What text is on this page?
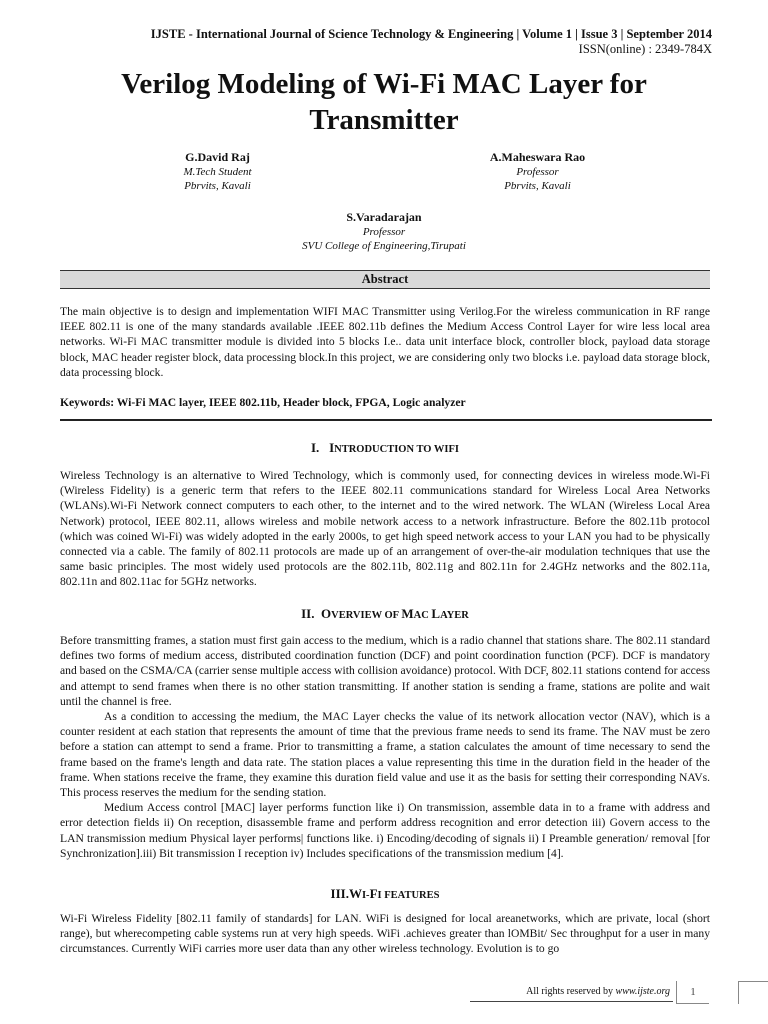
IJSTE - International Journal of Science Technology & Engineering | Volume 1 | Issue 3 | September 2014
ISSN(online) : 2349-784X
Verilog Modeling of Wi-Fi MAC Layer for Transmitter
G.David Raj
M.Tech Student
Pbrvits, Kavali
A.Maheswara Rao
Professor
Pbrvits, Kavali
S.Varadarajan
Professor
SVU College of Engineering,Tirupati
Abstract

The main objective is to design and implementation WIFI MAC Transmitter using Verilog.For the wireless communication in RF range IEEE 802.11 is one of the many standards available .IEEE 802.11b defines the Medium Access Control Layer for wire less local area networks. Wi-Fi MAC transmitter module is divided into 5 blocks I.e.. data unit interface block, controller block, payload data storage block, MAC header register block, data processing block.In this project, we are considering only two blocks i.e. payload data storage block, data processing block.

Keywords: Wi-Fi MAC layer, IEEE 802.11b, Header block, FPGA, Logic analyzer
I. INTRODUCTION TO WIFI

Wireless Technology is an alternative to Wired Technology, which is commonly used, for connecting devices in wireless mode.Wi-Fi (Wireless Fidelity) is a generic term that refers to the IEEE 802.11 communications standard for Wireless Local Area Networks (WLANs).Wi-Fi Network connect computers to each other, to the internet and to the wired network. The WLAN (Wireless Local Area Network) protocol, IEEE 802.11, allows wireless and mobile network access to a network infrastructure. Before the 802.11b protocol (which was coined Wi-Fi) was widely adopted in the early 2000s, to get high speed network access to your LAN you had to be physically connected via a cable. The family of 802.11 protocols are made up of an arrangement of over-the-air modulation techniques that use the same basic principles. The most widely used protocols are the 802.11b, 802.11g and 802.11n for 2.4GHz networks and the 802.11a, 802.11n and 802.11ac for 5GHz networks.

II. OVERVIEW OF MAC LAYER

Before transmitting frames, a station must first gain access to the medium, which is a radio channel that stations share. The 802.11 standard defines two forms of medium access, distributed coordination function (DCF) and point coordination function (PCF). DCF is mandatory and based on the CSMA/CA (carrier sense multiple access with collision avoidance) protocol. With DCF, 802.11 stations contend for access and attempt to send frames when there is no other station transmitting. If another station is sending a frame, stations are polite and wait until the channel is free.

As a condition to accessing the medium, the MAC Layer checks the value of its network allocation vector (NAV), which is a counter resident at each station that represents the amount of time that the previous frame needs to send its frame. The NAV must be zero before a station can attempt to send a frame. Prior to transmitting a frame, a station calculates the amount of time necessary to send the frame based on the frame's length and data rate. The station places a value representing this time in the duration field in the header of the frame. When stations receive the frame, they examine this duration field value and use it as the basis for setting their corresponding NAVs. This process reserves the medium for the sending station.

Medium Access control [MAC] layer performs function like i) On transmission, assemble data in to a frame with address and error detection fields ii) On reception, disassemble frame and perform address recognition and error detection iii) Govern access to the LAN transmission medium Physical layer performs| functions like. i) Encoding/decoding of signals ii) I Preamble generation/ removal [for Synchronization].iii) Bit transmission I reception iv) Includes specifications of the transmission medium [4].

III.WI-FI FEATURES

Wi-Fi Wireless Fidelity [802.11 family of standards] for LAN. WiFi is designed for local areanetworks, which are private, local (short range), but wherecompeting cable systems run at very high speeds. WiFi .achieves greater than lOMBit/ Sec throughput for a user in many circumstances. Currently WiFi carries more user data than any other wireless technology. Evolution is to go

All rights reserved by www.ijste.org	1
